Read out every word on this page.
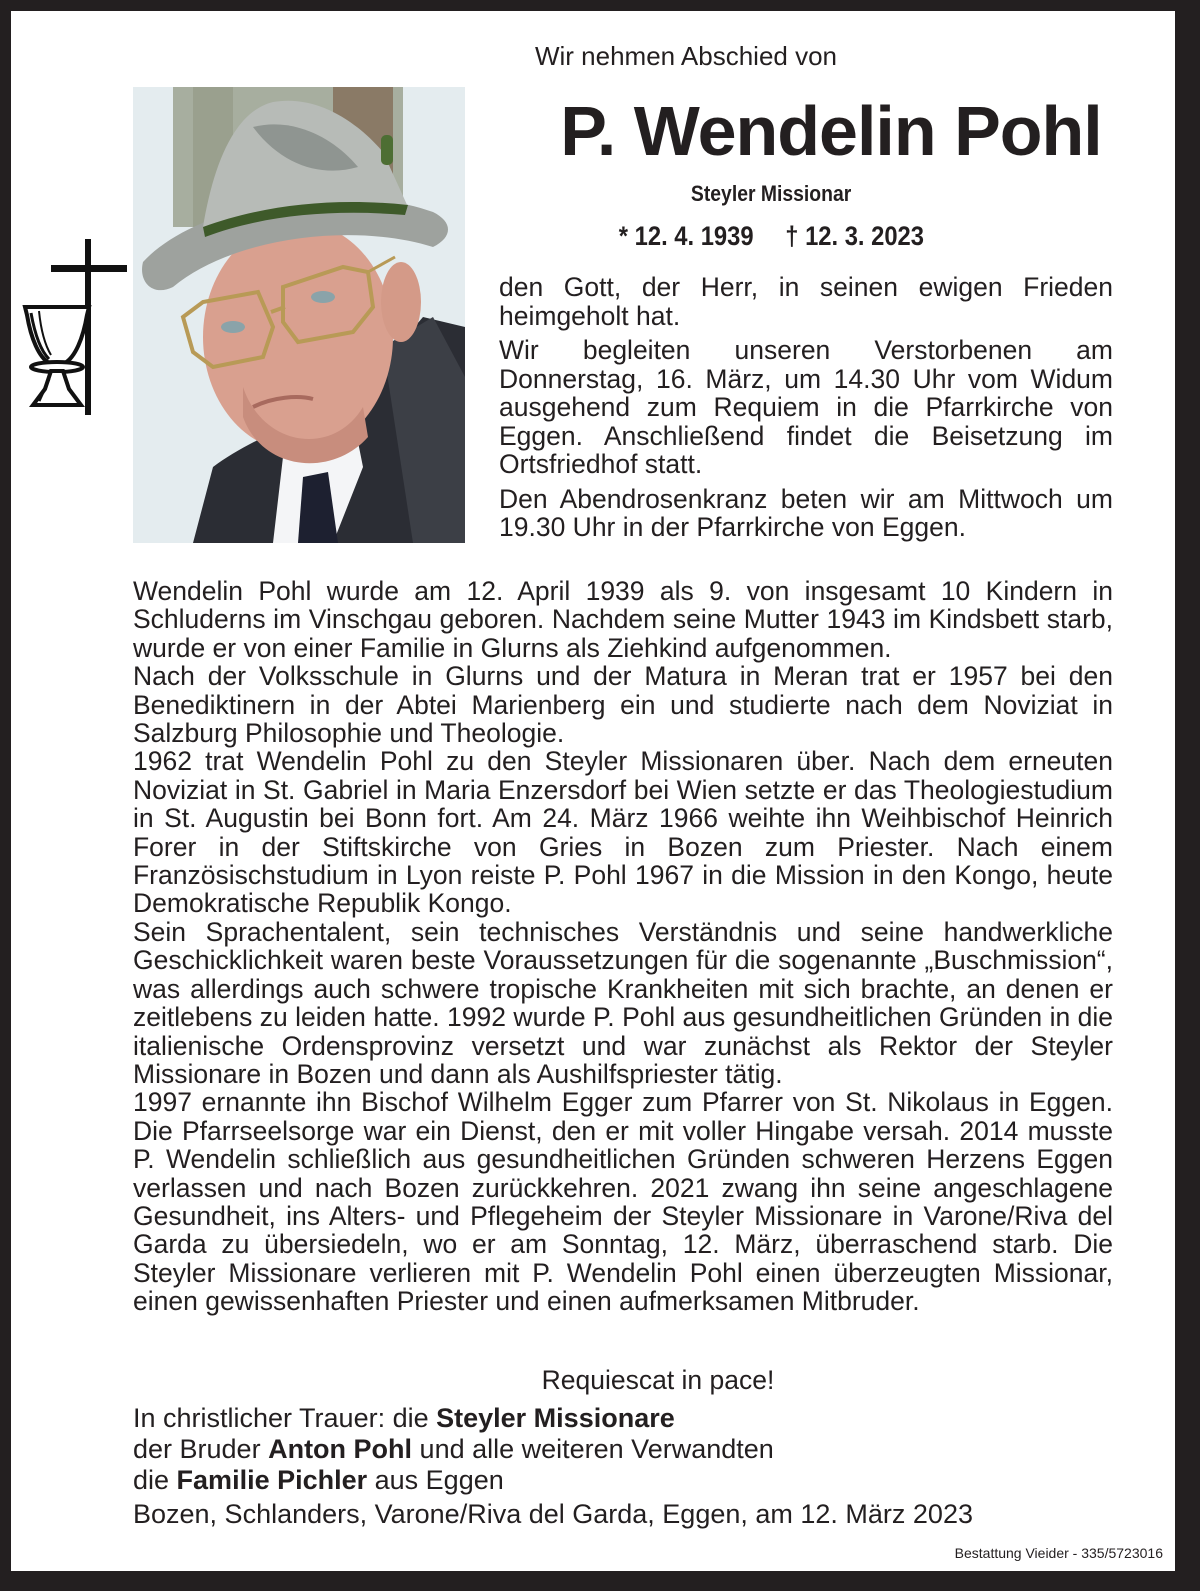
Wir nehmen Abschied von
P. Wendelin Pohl
Steyler Missionar
* 12. 4. 1939 † 12. 3. 2023

den Gott, der Herr, in seinen ewigen Frieden heimgeholt hat.

Wir begleiten unseren Verstorbenen am Donnerstag, 16. März, um 14.30 Uhr vom Widum ausgehend zum Requiem in die Pfarrkirche von Eggen. Anschließend findet die Beisetzung im Ortsfriedhof statt.

Den Abendrosenkranz beten wir am Mittwoch um 19.30 Uhr in der Pfarrkirche von Eggen.

Wendelin Pohl wurde am 12. April 1939 als 9. von insgesamt 10 Kindern in Schluderns im Vinschgau geboren. Nachdem seine Mutter 1943 im Kindsbett starb, wurde er von einer Familie in Glurns als Ziehkind aufgenommen.

Nach der Volksschule in Glurns und der Matura in Meran trat er 1957 bei den Benediktinern in der Abtei Marienberg ein und studierte nach dem Noviziat in Salzburg Philosophie und Theologie.

1962 trat Wendelin Pohl zu den Steyler Missionaren über. Nach dem erneuten Noviziat in St. Gabriel in Maria Enzersdorf bei Wien setzte er das Theologiestudium in St. Augustin bei Bonn fort. Am 24. März 1966 weihte ihn Weihbischof Heinrich Forer in der Stiftskirche von Gries in Bozen zum Priester. Nach einem Französischstudium in Lyon reiste P. Pohl 1967 in die Mission in den Kongo, heute Demokratische Republik Kongo.

Sein Sprachentalent, sein technisches Verständnis und seine handwerkliche Geschicklichkeit waren beste Voraussetzungen für die sogenannte „Buschmission“, was allerdings auch schwere tropische Krankheiten mit sich brachte, an denen er zeitlebens zu leiden hatte. 1992 wurde P. Pohl aus gesundheitlichen Gründen in die italienische Ordensprovinz versetzt und war zunächst als Rektor der Steyler Missionare in Bozen und dann als Aushilfspriester tätig.

1997 ernannte ihn Bischof Wilhelm Egger zum Pfarrer von St. Nikolaus in Eggen. Die Pfarrseelsorge war ein Dienst, den er mit voller Hingabe versah. 2014 musste P. Wendelin schließlich aus gesundheitlichen Gründen schweren Herzens Eggen verlassen und nach Bozen zurückkehren. 2021 zwang ihn seine angeschlagene Gesundheit, ins Alters- und Pflegeheim der Steyler Missionare in Varone/Riva del Garda zu übersiedeln, wo er am Sonntag, 12. März, überraschend starb. Die Steyler Missionare verlieren mit P. Wendelin Pohl einen überzeugten Missionar, einen gewissenhaften Priester und einen aufmerksamen Mitbruder.

Requiescat in pace!
In christlicher Trauer: die Steyler Missionare
der Bruder Anton Pohl und alle weiteren Verwandten
die Familie Pichler aus Eggen
Bozen, Schlanders, Varone/Riva del Garda, Eggen, am 12. März 2023
Bestattung Vieider - 335/5723016
